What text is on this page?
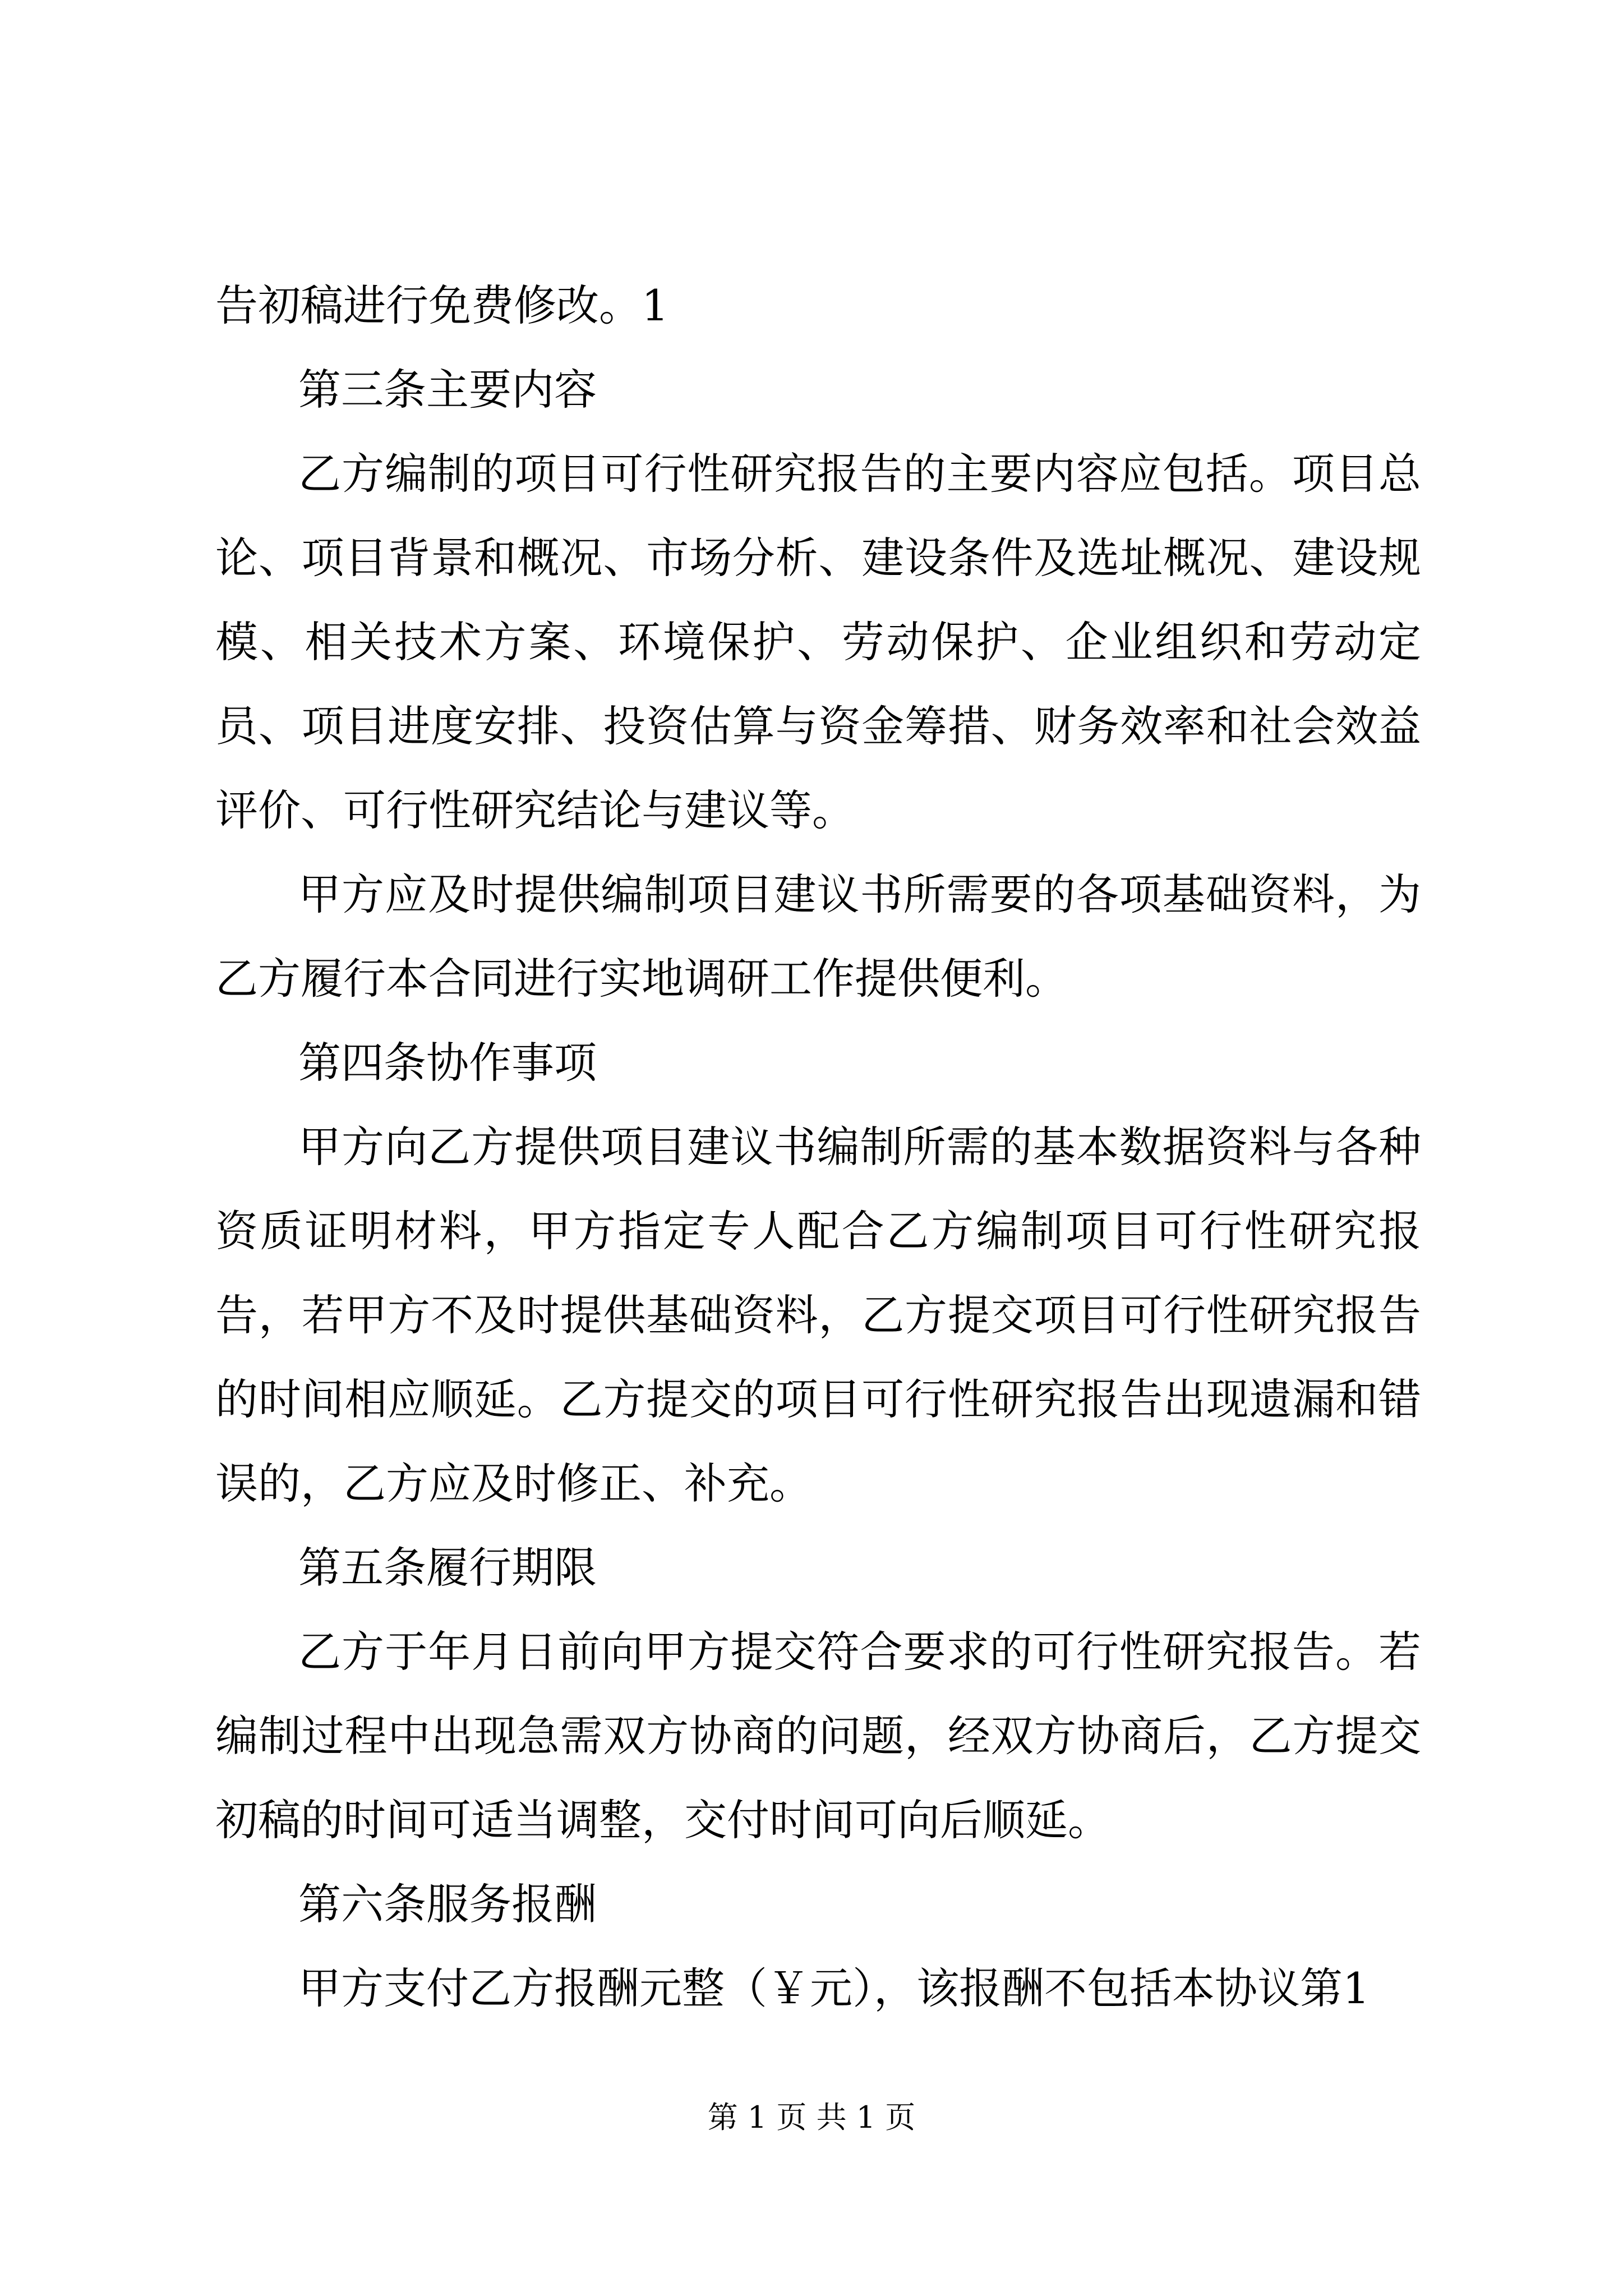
告初稿进行免费修改。1

第三条主要内容

乙方编制的项目可行性研究报告的主要内容应包括。项目总论、项目背景和概况、市场分析、建设条件及选址概况、建设规模、相关技术方案、环境保护、劳动保护、企业组织和劳动定员、项目进度安排、投资估算与资金筹措、财务效率和社会效益评价、可行性研究结论与建议等。

甲方应及时提供编制项目建议书所需要的各项基础资料，为乙方履行本合同进行实地调研工作提供便利。

第四条协作事项

甲方向乙方提供项目建议书编制所需的基本数据资料与各种资质证明材料，甲方指定专人配合乙方编制项目可行性研究报告，若甲方不及时提供基础资料，乙方提交项目可行性研究报告的时间相应顺延。乙方提交的项目可行性研究报告出现遗漏和错误的，乙方应及时修正、补充。

第五条履行期限

乙方于年月日前向甲方提交符合要求的可行性研究报告。若编制过程中出现急需双方协商的问题，经双方协商后，乙方提交初稿的时间可适当调整，交付时间可向后顺延。

第六条服务报酬

甲方支付乙方报酬元整（￥元），该报酬不包括本协议第1

第 1 页 共 1 页
